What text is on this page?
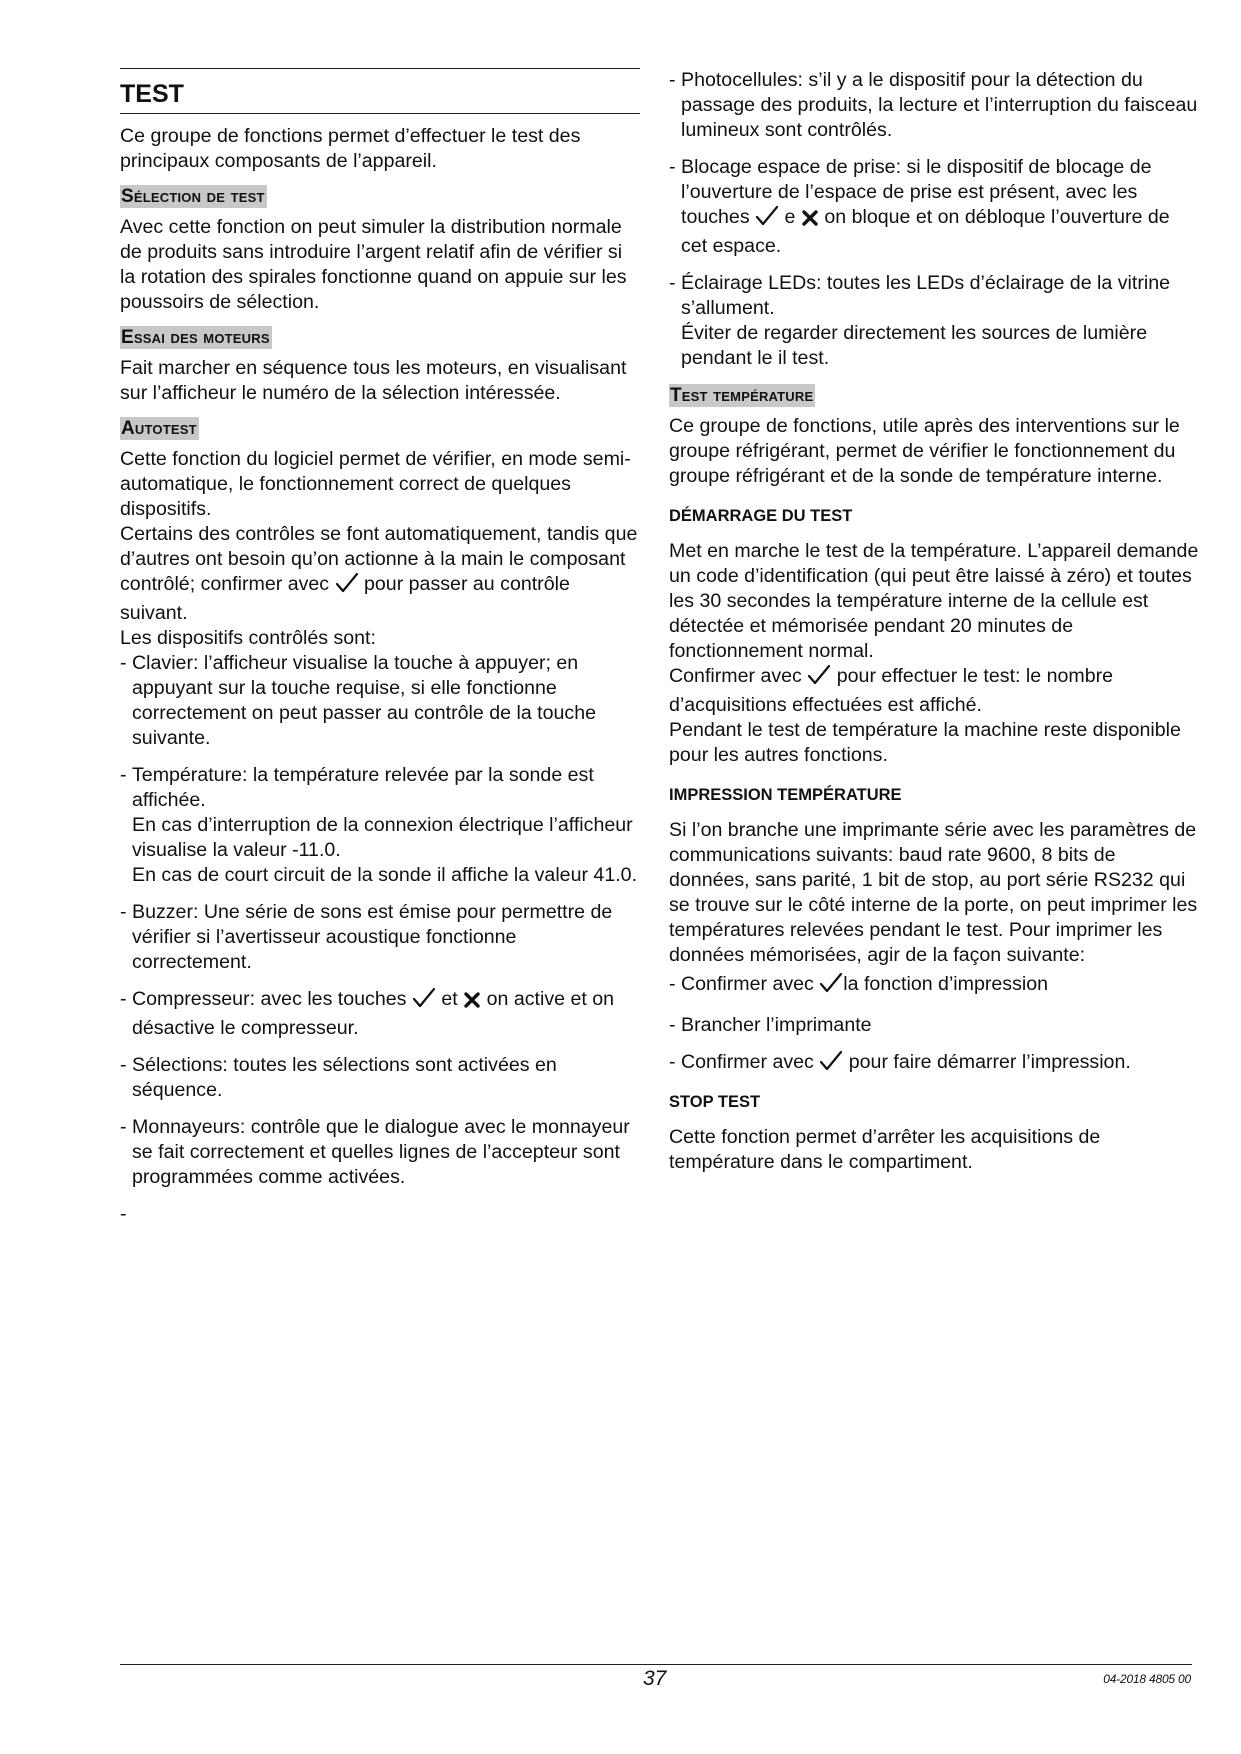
TEST

Ce groupe de fonctions permet d’effectuer le test des principaux composants de l’appareil.

Sélection de test

Avec cette fonction on peut simuler la distribution normale de produits sans introduire l’argent relatif afin de vérifier si la rotation des spirales fonctionne quand on appuie sur les poussoirs de sélection.

Essai des moteurs

Fait marcher en séquence tous les moteurs, en visualisant sur l’afficheur le numéro de la sélection intéressée.

Autotest

Cette fonction du logiciel permet de vérifier, en mode semi-automatique, le fonctionnement correct de quelques dispositifs.

Certains des contrôles se font automatiquement, tandis que d’autres ont besoin qu’on actionne à la main le composant contrôlé; confirmer avec pour passer au contrôle suivant.

Les dispositifs contrôlés sont:

- Clavier: l’afficheur visualise la touche à appuyer; en appuyant sur la touche requise, si elle fonctionne correctement on peut passer au contrôle de la touche suivante.
- Température: la température relevée par la sonde est affichée.
En cas d’interruption de la connexion électrique l’afficheur visualise la valeur -11.0.
En cas de court circuit de la sonde il affiche la valeur 41.0.
- Buzzer: Une série de sons est émise pour permettre de vérifier si l’avertisseur acoustique fonctionne correctement.
- Compresseur: avec les touches et on active et on désactive le compresseur.
- Sélections: toutes les sélections sont activées en séquence.
- Monnayeurs: contrôle que le dialogue avec le monnayeur se fait correctement et quelles lignes de l’accepteur sont programmées comme activées.

-

- Photocellules: s’il y a le dispositif pour la détection du passage des produits, la lecture et l’interruption du faisceau lumineux sont contrôlés.
- Blocage espace de prise: si le dispositif de blocage de l’ouverture de l’espace de prise est présent, avec les touches e on bloque et on débloque l’ouverture de cet espace.
- Éclairage LEDs: toutes les LEDs d’éclairage de la vitrine s’allument.
Éviter de regarder directement les sources de lumière pendant le il test.
Test température

Ce groupe de fonctions, utile après des interventions sur le groupe réfrigérant, permet de vérifier le fonctionnement du groupe réfrigérant et de la sonde de température interne.

DÉMARRAGE DU TEST

Met en marche le test de la température. L’appareil demande un code d’identification (qui peut être laissé à zéro) et toutes les 30 secondes la température interne de la cellule est détectée et mémorisée pendant 20 minutes de fonctionnement normal.

Confirmer avec pour effectuer le test: le nombre d’acquisitions effectuées est affiché.

Pendant le test de température la machine reste disponible pour les autres fonctions.

IMPRESSION TEMPÉRATURE

Si l’on branche une imprimante série avec les paramètres de communications suivants: baud rate 9600, 8 bits de données, sans parité, 1 bit de stop, au port série RS232 qui se trouve sur le côté interne de la porte, on peut imprimer les températures relevées pendant le test. Pour imprimer les données mémorisées, agir de la façon suivante:

- Confirmer avec la fonction d’impression
- Brancher l’imprimante
- Confirmer avec pour faire démarrer l’impression.
STOP TEST

Cette fonction permet d’arrêter les acquisitions de température dans le compartiment.

37	04-2018 4805 00
